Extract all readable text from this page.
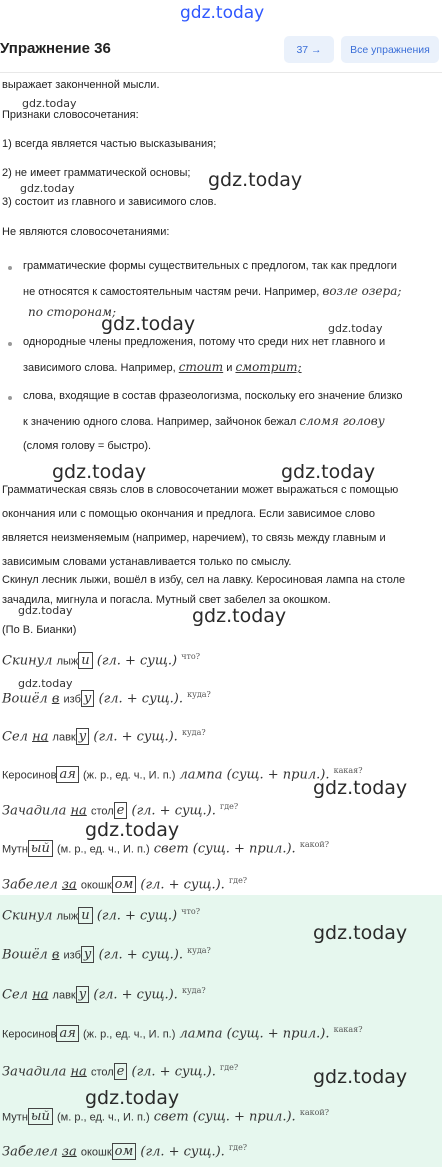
gdz.today
Упражнение 36	37 →	Все упражнения
выражает законченной мысли.
gdz.today
Признаки словосочетания:
1) всегда является частью высказывания;
2) не имеет грамматической основы;
gdz.today	gdz.today
3) состоит из главного и зависимого слов.
Не являются словосочетаниями:
грамматические формы существительных с предлогом, так как предлоги
не относятся к самостоятельным частям речи. Например, возле озера;
по сторонам;
gdz.today	gdz.today
однородные члены предложения, потому что среди них нет главного и
зависимого слова. Например, стоит и смотрит;
слова, входящие в состав фразеологизма, поскольку его значение близко
к значению одного слова. Например, зайчонок бежал сломя голову
(сломя голову = быстро).
gdz.today	gdz.today
Грамматическая связь слов в словосочетании может выражаться с помощью
окончания или с помощью окончания и предлога. Если зависимое слово
является неизменяемым (например, наречием), то связь между главным и
зависимым словами устанавливается только по смыслу.
Скинул лесник лыжи, вошёл в избу, сел на лавку. Керосиновая лампа на столе
зачадила, мигнула и погасла. Мутный свет забелел за окошком.
gdz.today	gdz.today
(По В. Бианки)
Скинул лыж и (гл. + сущ.) $^{что?}$
gdz.today
Вошёл в изб у (гл. + сущ.). $^{куда?}$
Сел на лавк у (гл. + сущ.). $^{куда?}$
Керосинов ая (ж. р., ед. ч., И. п.) лампа (сущ. + прил.). $^{какая?}$
gdz.today
Зачадила на стол е (гл. + сущ.). $^{где?}$
gdz.today
Мутн ый (м. р., ед. ч., И. п.) свет (сущ. + прил.). $^{какой?}$
Забелел за окошк ом (гл. + сущ.). $^{где?}$
Скинул лыж и (гл. + сущ.) $^{что?}$
gdz.today
Вошёл в изб у (гл. + сущ.). $^{куда?}$
Сел на лавк у (гл. + сущ.). $^{куда?}$
Керосинов ая (ж. р., ед. ч., И. п.) лампа (сущ. + прил.). $^{какая?}$
Зачадила на стол е (гл. + сущ.). $^{где?}$	gdz.today
gdz.today
Мутн ый (м. р., ед. ч., И. п.) свет (сущ. + прил.). $^{какой?}$
Забелел за окошк ом (гл. + сущ.). $^{где?}$
